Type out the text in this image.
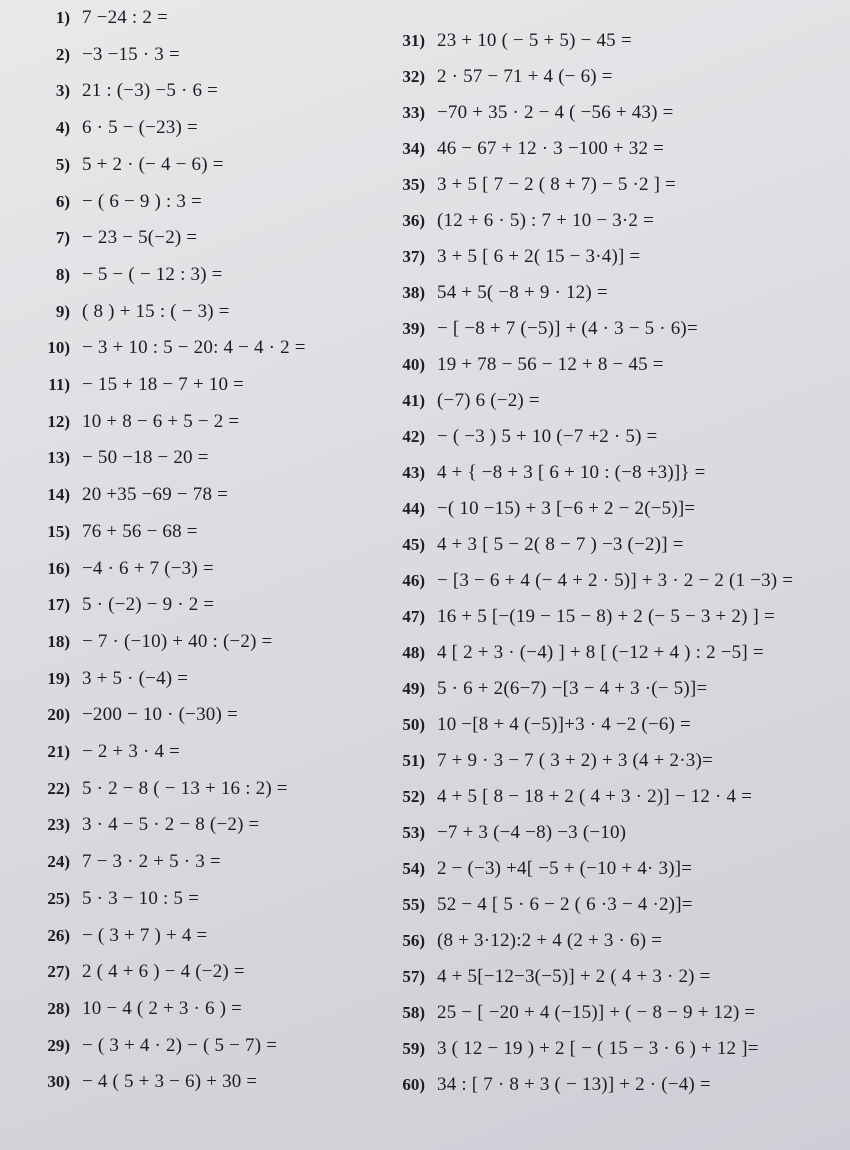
1) 7 −24 : 2 =
2) −3 −15 · 3 =
3) 21 : (−3) −5 · 6 =
4) 6 · 5 − (−23) =
5) 5 + 2 · (− 4 − 6) =
6) − ( 6 − 9 ) : 3 =
7) − 23 − 5(−2) =
8) − 5 − ( − 12 : 3) =
9) ( 8 ) + 15 : ( − 3) =
10) − 3 + 10 : 5 − 20: 4 − 4 · 2 =
11) − 15 + 18 − 7 + 10 =
12) 10 + 8 − 6 + 5 − 2 =
13) − 50 −18 − 20 =
14) 20 +35 −69 − 78 =
15) 76 + 56 − 68 =
16) −4 · 6 + 7 (−3) =
17) 5 · (−2) − 9 · 2 =
18) − 7 · (−10) + 40 : (−2) =
19) 3 + 5 · (−4) =
20) −200 − 10 · (−30) =
21) − 2 + 3 · 4 =
22) 5 · 2 − 8 ( − 13 + 16 : 2) =
23) 3 · 4 − 5 · 2 − 8 (−2) =
24) 7 − 3 · 2 + 5 · 3 =
25) 5 · 3 − 10 : 5 =
26) − ( 3 + 7 ) + 4 =
27) 2 ( 4 + 6 ) − 4 (−2) =
28) 10 − 4 ( 2 + 3 · 6 ) =
29) − ( 3 + 4 · 2) − ( 5 − 7) =
30) − 4 ( 5 + 3 − 6) + 30 =
31) 23 + 10 ( − 5 + 5) − 45 =
32) 2 · 57 − 71 + 4 (− 6) =
33) −70 + 35 · 2 − 4 ( −56 + 43) =
34) 46 − 67 + 12 · 3 −100 + 32 =
35) 3 + 5 [ 7 − 2 ( 8 + 7) − 5 ·2 ] =
36) (12 + 6 · 5) : 7 + 10 − 3·2 =
37) 3 + 5 [ 6 + 2( 15 − 3·4)] =
38) 54 + 5( −8 + 9 · 12) =
39) − [ −8 + 7 (−5)] + (4 · 3 − 5 · 6)=
40) 19 + 78 − 56 − 12 + 8 − 45 =
41) (−7) 6 (−2) =
42) − ( −3 ) 5 + 10 (−7 +2 · 5) =
43) 4 + { −8 + 3 [ 6 + 10 : (−8 +3)]} =
44) −( 10 −15) + 3 [−6 + 2 − 2(−5)]=
45) 4 + 3 [ 5 − 2( 8 − 7 ) −3 (−2)] =
46) − [3 − 6 + 4 (− 4 + 2 · 5)] + 3 · 2 − 2 (1 −3) =
47) 16 + 5 [−(19 − 15 − 8) + 2 (− 5 − 3 + 2) ] =
48) 4 [ 2 + 3 · (−4) ] + 8 [ (−12 + 4 ) : 2 −5] =
49) 5 · 6 + 2(6−7) −[3 − 4 + 3 ·(− 5)]=
50) 10 −[8 + 4 (−5)]+3 · 4 −2 (−6) =
51) 7 + 9 · 3 − 7 ( 3 + 2) + 3 (4 + 2·3)=
52) 4 + 5 [ 8 − 18 + 2 ( 4 + 3 · 2)] − 12 · 4 =
53) −7 + 3 (−4 −8) −3 (−10)
54) 2 − (−3) +4[ −5 + (−10 + 4· 3)]=
55) 52 − 4 [ 5 · 6 − 2 ( 6 ·3 − 4 ·2)]=
56) (8 + 3·12):2 + 4 (2 + 3 · 6) =
57) 4 + 5[−12−3(−5)] + 2 ( 4 + 3 · 2) =
58) 25 − [ −20 + 4 (−15)] + ( − 8 − 9 + 12) =
59) 3 ( 12 − 19 ) + 2 [ − ( 15 − 3 · 6 ) + 12 ]=
60) 34 : [ 7 · 8 + 3 ( − 13)] + 2 · (−4) =
